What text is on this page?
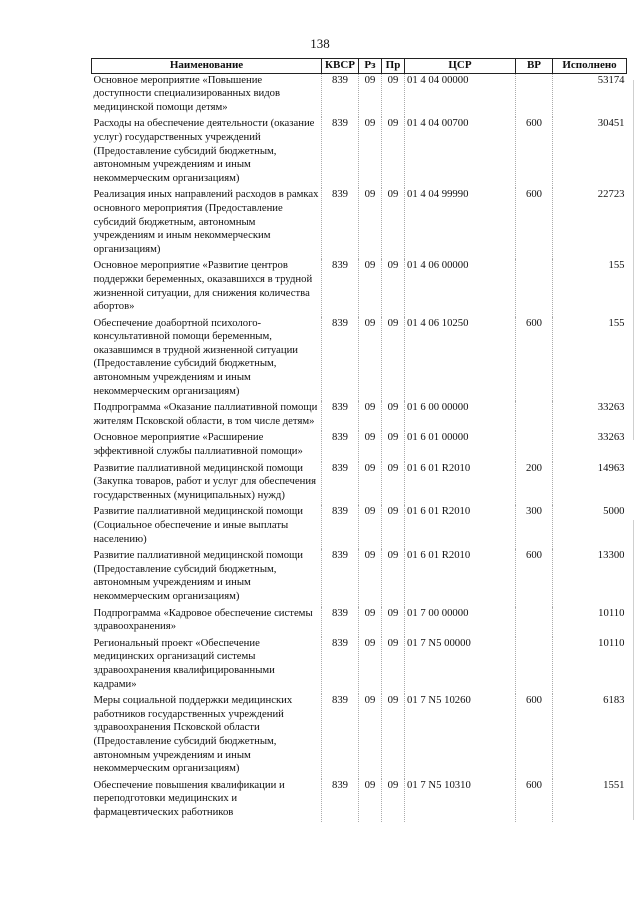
138
Наименование	КВСР	Рз	Пр	ЦСР	ВР	Исполнено
Основное мероприятие «Повышение доступности специализированных видов медицинской помощи детям»	839	09	09	01 4 04 00000		53174
Расходы на обеспечение деятельности (оказание услуг) государственных учреждений (Предоставление субсидий бюджетным, автономным учреждениям и иным некоммерческим организациям)	839	09	09	01 4 04 00700	600	30451
Реализация иных направлений расходов в рамках основного мероприятия (Предоставление субсидий бюджетным, автономным учреждениям и иным некоммерческим организациям)	839	09	09	01 4 04 99990	600	22723
Основное мероприятие «Развитие центров поддержки беременных, оказавшихся в трудной жизненной ситуации, для снижения количества абортов»	839	09	09	01 4 06 00000		155
Обеспечение доабортной психолого-консультативной помощи беременным, оказавшимся в трудной жизненной ситуации (Предоставление субсидий бюджетным, автономным учреждениям и иным некоммерческим организациям)	839	09	09	01 4 06 10250	600	155
Подпрограмма «Оказание паллиативной помощи жителям Псковской области, в том числе детям»	839	09	09	01 6 00 00000		33263
Основное мероприятие «Расширение эффективной службы паллиативной помощи»	839	09	09	01 6 01 00000		33263
Развитие паллиативной медицинской помощи (Закупка товаров, работ и услуг для обеспечения государственных (муниципальных) нужд)	839	09	09	01 6 01 R2010	200	14963
Развитие паллиативной медицинской помощи (Социальное обеспечение и иные выплаты населению)	839	09	09	01 6 01 R2010	300	5000
Развитие паллиативной медицинской помощи (Предоставление субсидий бюджетным, автономным учреждениям и иным некоммерческим организациям)	839	09	09	01 6 01 R2010	600	13300
Подпрограмма «Кадровое обеспечение системы здравоохранения»	839	09	09	01 7 00 00000		10110
Региональный проект «Обеспечение медицинских организаций системы здравоохранения квалифицированными кадрами»	839	09	09	01 7 N5 00000		10110
Меры социальной поддержки медицинских работников государственных учреждений здравоохранения Псковской области (Предоставление субсидий бюджетным, автономным учреждениям и иным некоммерческим организациям)	839	09	09	01 7 N5 10260	600	6183
Обеспечение повышения квалификации и переподготовки медицинских и фармацевтических работников	839	09	09	01 7 N5 10310	600	1551
